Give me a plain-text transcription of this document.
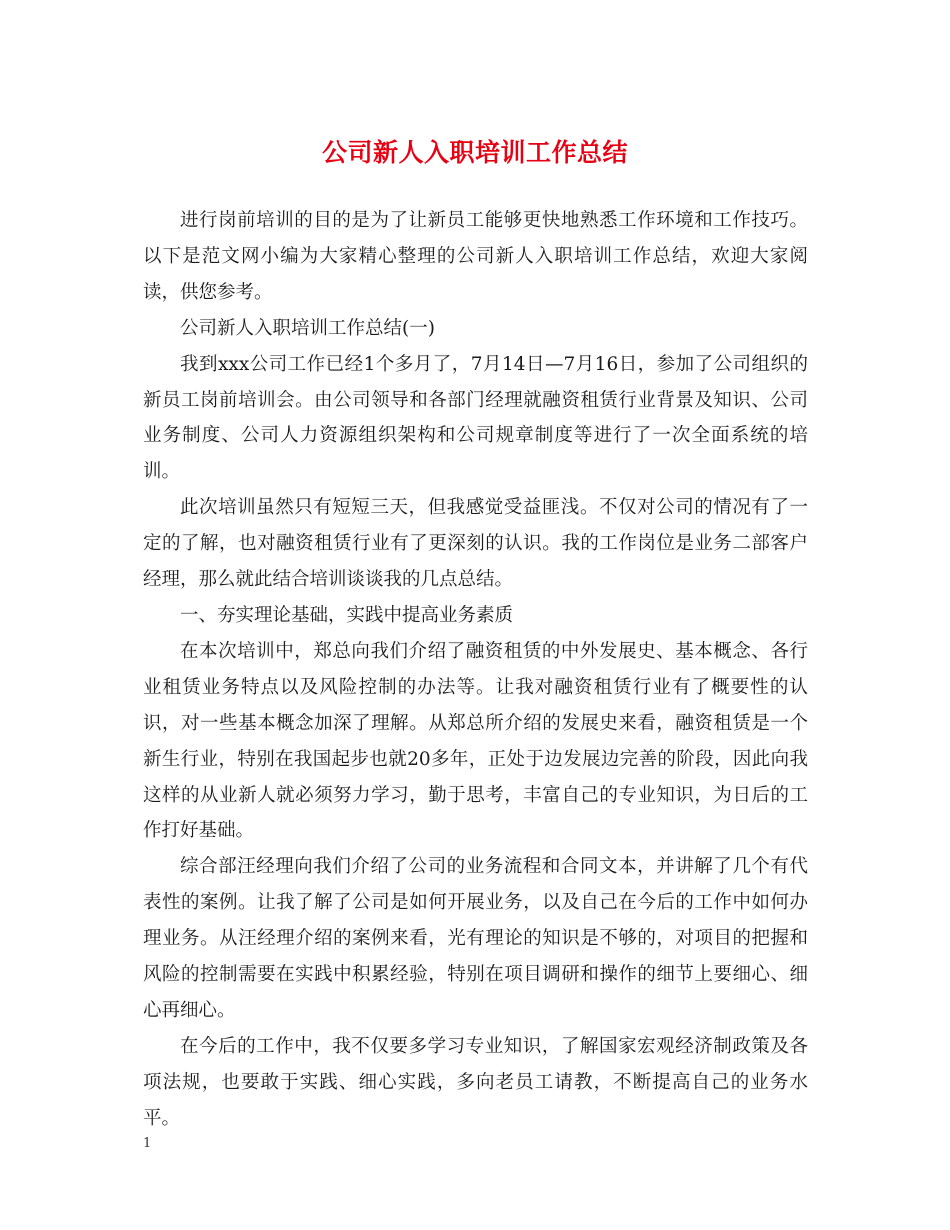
公司新人入职培训工作总结

进行岗前培训的目的是为了让新员工能够更快地熟悉工作环境和工作技巧。以下是范文网小编为大家精心整理的公司新人入职培训工作总结，欢迎大家阅读，供您参考。

公司新人入职培训工作总结(一)

我到xxx公司工作已经1个多月了，7月14日—7月16日，参加了公司组织的新员工岗前培训会。由公司领导和各部门经理就融资租赁行业背景及知识、公司业务制度、公司人力资源组织架构和公司规章制度等进行了一次全面系统的培训。

此次培训虽然只有短短三天，但我感觉受益匪浅。不仅对公司的情况有了一定的了解，也对融资租赁行业有了更深刻的认识。我的工作岗位是业务二部客户经理，那么就此结合培训谈谈我的几点总结。

一、夯实理论基础，实践中提高业务素质

在本次培训中，郑总向我们介绍了融资租赁的中外发展史、基本概念、各行业租赁业务特点以及风险控制的办法等。让我对融资租赁行业有了概要性的认识，对一些基本概念加深了理解。从郑总所介绍的发展史来看，融资租赁是一个新生行业，特别在我国起步也就20多年，正处于边发展边完善的阶段，因此向我这样的从业新人就必须努力学习，勤于思考，丰富自己的专业知识，为日后的工作打好基础。

综合部汪经理向我们介绍了公司的业务流程和合同文本，并讲解了几个有代表性的案例。让我了解了公司是如何开展业务，以及自己在今后的工作中如何办理业务。从汪经理介绍的案例来看，光有理论的知识是不够的，对项目的把握和风险的控制需要在实践中积累经验，特别在项目调研和操作的细节上要细心、细心再细心。

在今后的工作中，我不仅要多学习专业知识，了解国家宏观经济制政策及各项法规，也要敢于实践、细心实践，多向老员工请教，不断提高自己的业务水平。

1
